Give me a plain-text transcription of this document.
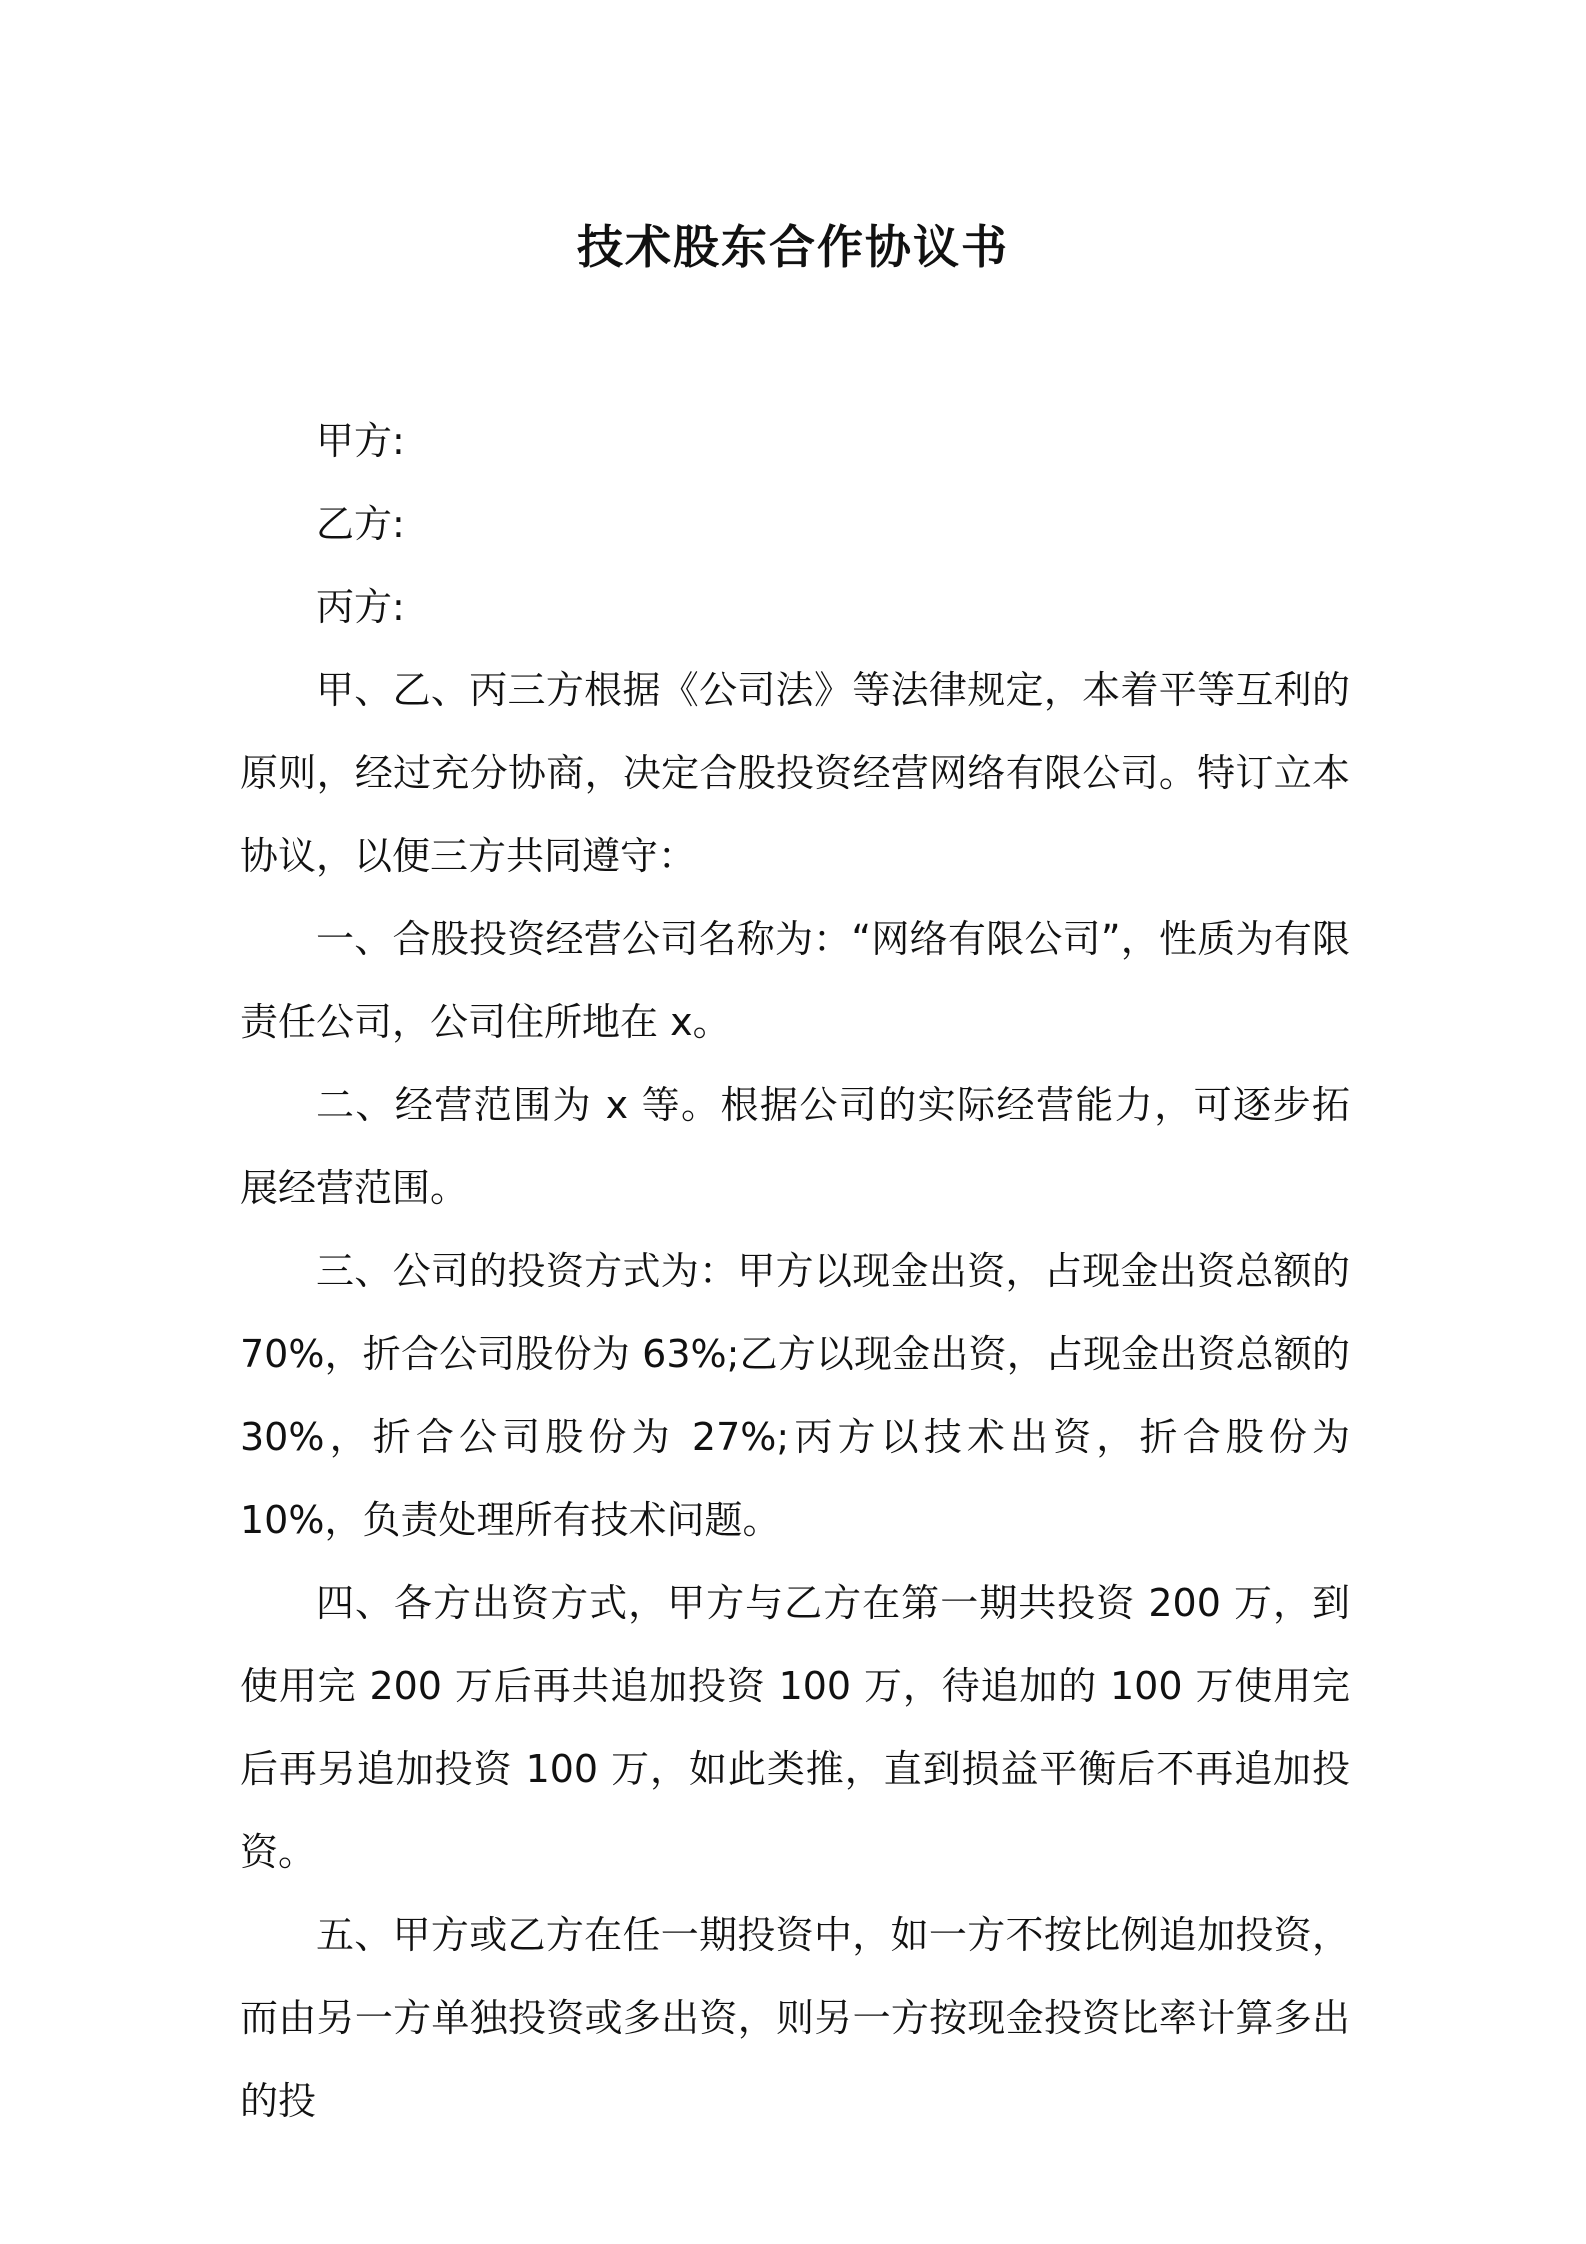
技术股东合作协议书

甲方:

乙方:

丙方:

甲、乙、丙三方根据《公司法》等法律规定，本着平等互利的原则，经过充分协商，决定合股投资经营网络有限公司。特订立本协议，以便三方共同遵守：

一、合股投资经营公司名称为：“网络有限公司”，性质为有限责任公司，公司住所地在 x。

二、经营范围为 x 等。根据公司的实际经营能力，可逐步拓展经营范围。

三、公司的投资方式为：甲方以现金出资，占现金出资总额的 70%，折合公司股份为 63%;乙方以现金出资，占现金出资总额的 30%，折合公司股份为 27%;丙方以技术出资，折合股份为 10%，负责处理所有技术问题。

四、各方出资方式，甲方与乙方在第一期共投资 200 万，到使用完 200 万后再共追加投资 100 万，待追加的 100 万使用完后再另追加投资 100 万，如此类推，直到损益平衡后不再追加投资。

五、甲方或乙方在任一期投资中，如一方不按比例追加投资，而由另一方单独投资或多出资，则另一方按现金投资比率计算多出的投
